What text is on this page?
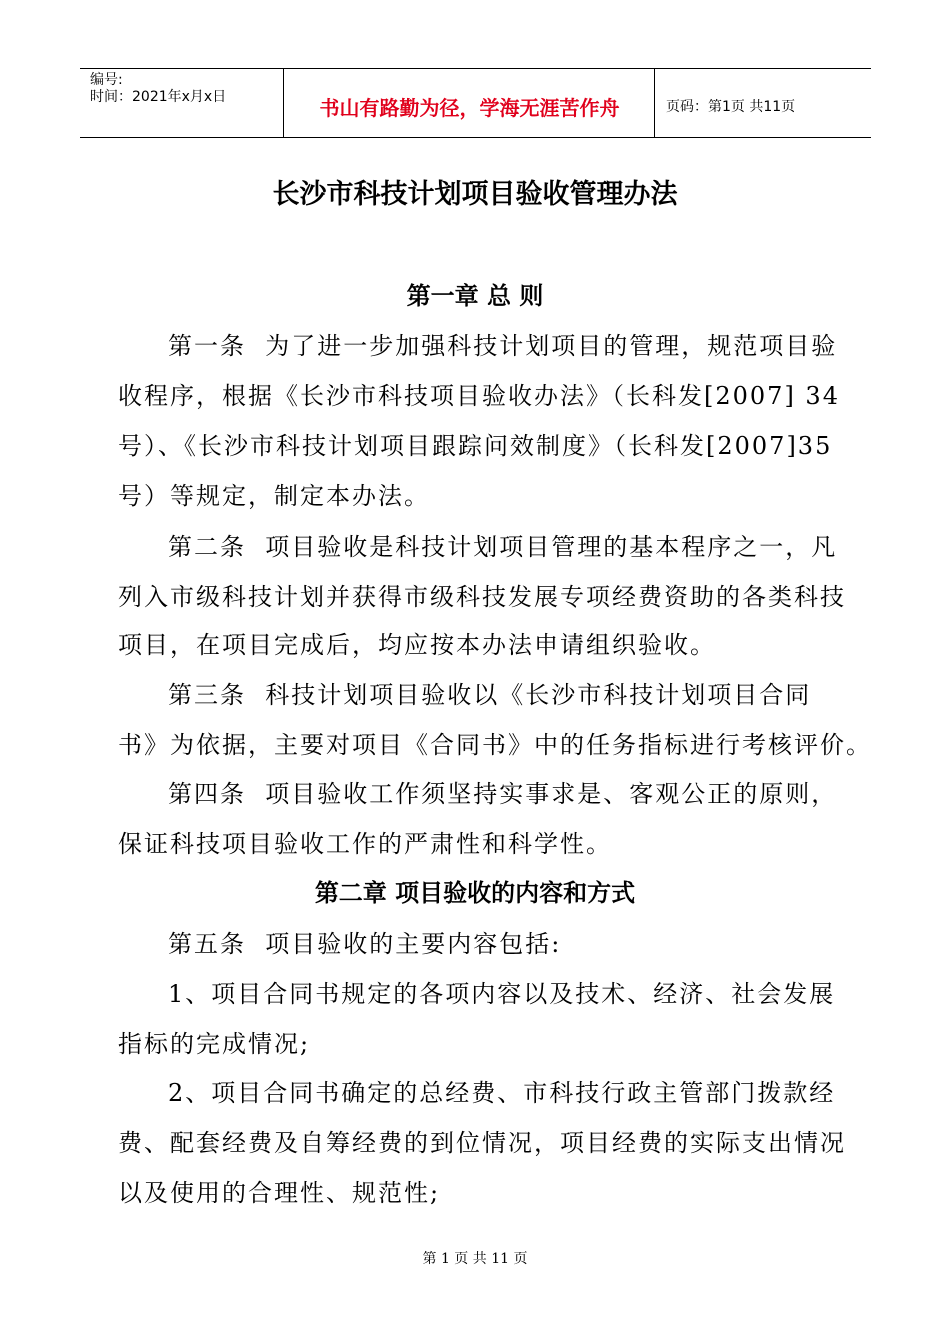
编号:
时间：2021年x月x日	书山有路勤为径，学海无涯苦作舟	页码：第1页 共11页
长沙市科技计划项目验收管理办法
第一章 总 则
第一条  为了进一步加强科技计划项目的管理，规范项目验
收程序，根据《长沙市科技项目验收办法》（长科发[2007] 34
号）、《长沙市科技计划项目跟踪问效制度》（长科发[2007]35
号）等规定，制定本办法。
第二条  项目验收是科技计划项目管理的基本程序之一，凡
列入市级科技计划并获得市级科技发展专项经费资助的各类科技
项目，在项目完成后，均应按本办法申请组织验收。
第三条  科技计划项目验收以《长沙市科技计划项目合同
书》为依据，主要对项目《合同书》中的任务指标进行考核评价。
第四条  项目验收工作须坚持实事求是、客观公正的原则，
保证科技项目验收工作的严肃性和科学性。
第二章 项目验收的内容和方式
第五条  项目验收的主要内容包括:
1、项目合同书规定的各项内容以及技术、经济、社会发展
指标的完成情况;
2、项目合同书确定的总经费、市科技行政主管部门拨款经
费、配套经费及自筹经费的到位情况，项目经费的实际支出情况
以及使用的合理性、规范性;
第 1 页 共 11 页
